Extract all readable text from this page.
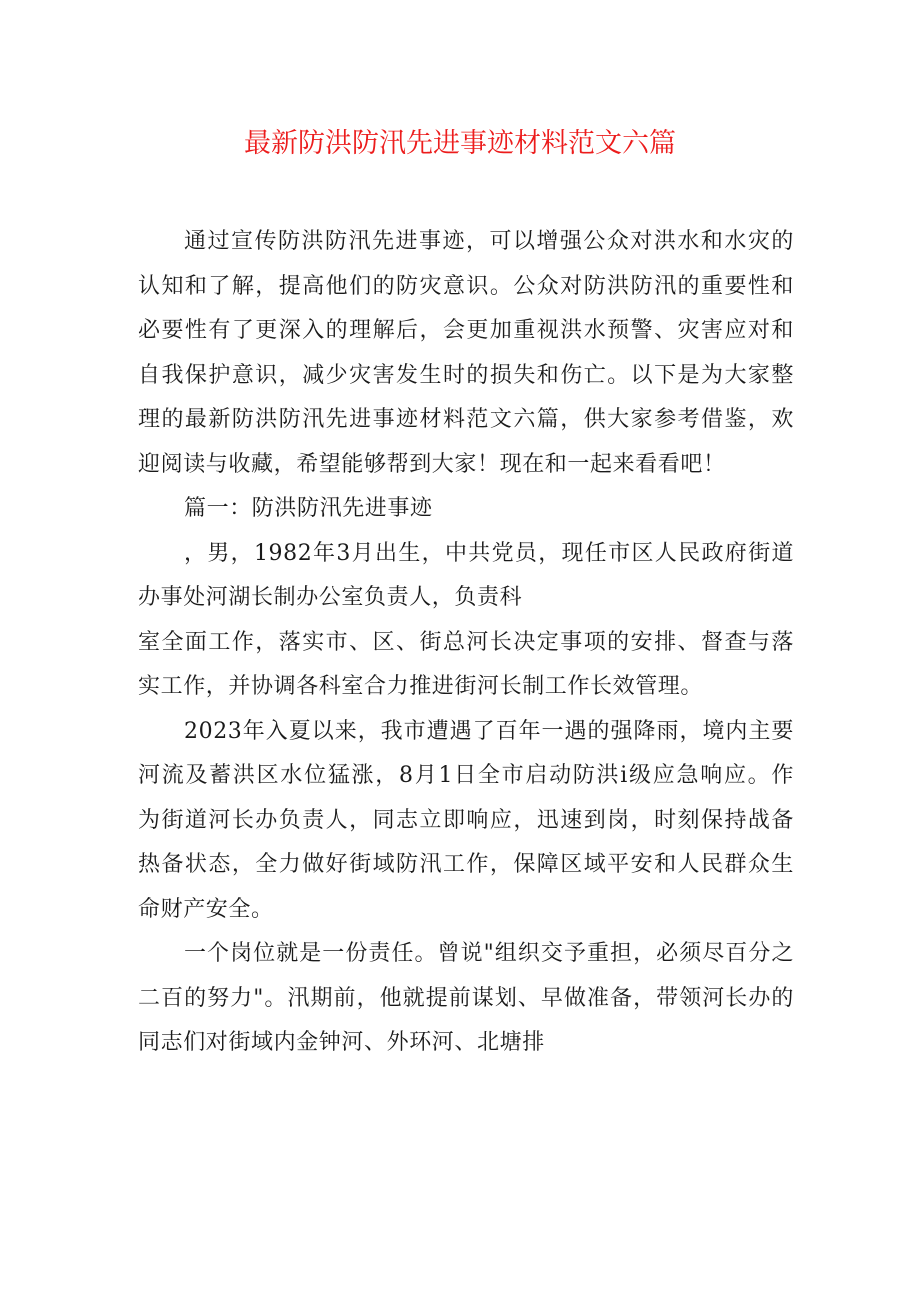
最新防洪防汛先进事迹材料范文六篇
通过宣传防洪防汛先进事迹，可以增强公众对洪水和水灾的
认知和了解，提高他们的防灾意识。公众对防洪防汛的重要性和
必要性有了更深入的理解后，会更加重视洪水预警、灾害应对和
自我保护意识，减少灾害发生时的损失和伤亡。以下是为大家整
理的最新防洪防汛先进事迹材料范文六篇，供大家参考借鉴，欢
迎阅读与收藏，希望能够帮到大家！现在和一起来看看吧！
篇一：防洪防汛先进事迹
，男，1982年3月出生，中共党员，现任市区人民政府街道
办事处河湖长制办公室负责人，负责科
室全面工作，落实市、区、街总河长决定事项的安排、督查与落
实工作，并协调各科室合力推进街河长制工作长效管理。
2023年入夏以来，我市遭遇了百年一遇的强降雨，境内主要
河流及蓄洪区水位猛涨，8月1日全市启动防洪ⅰ级应急响应。作
为街道河长办负责人，同志立即响应，迅速到岗，时刻保持战备
热备状态，全力做好街域防汛工作，保障区域平安和人民群众生
命财产安全。
一个岗位就是一份责任。曾说"组织交予重担，必须尽百分之
二百的努力"。汛期前，他就提前谋划、早做准备，带领河长办的
同志们对街域内金钟河、外环河、北塘排
